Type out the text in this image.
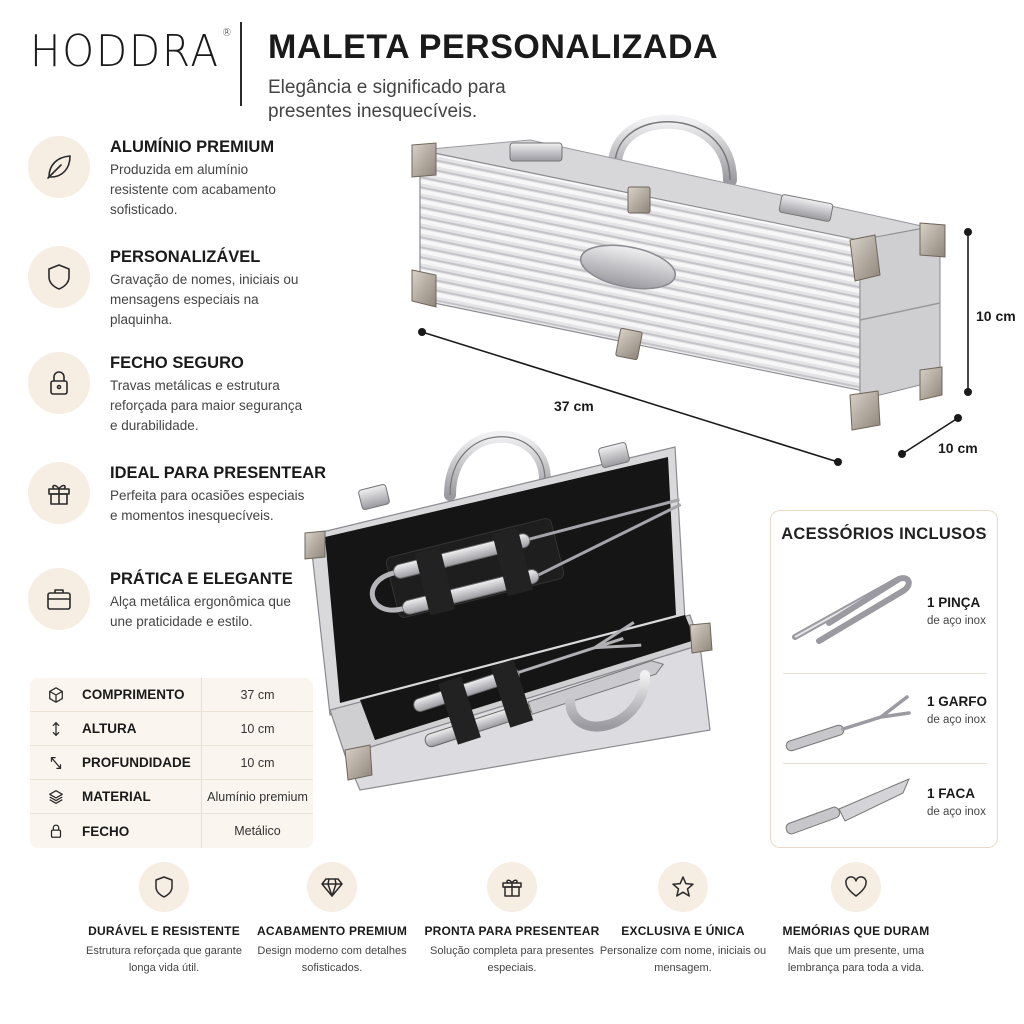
HODDRA ® MALETA PERSONALIZADA
Elegância e significado para presentes inesquecíveis.
ALUMÍNIO PREMIUM
Produzida em alumínio resistente com acabamento sofisticado.
PERSONALIZÁVEL
Gravação de nomes, iniciais ou mensagens especiais na plaquinha.
FECHO SEGURO
Travas metálicas e estrutura reforçada para maior segurança e durabilidade.
IDEAL PARA PRESENTEAR
Perfeita para ocasiões especiais e momentos inesquecíveis.
PRÁTICA E ELEGANTE
Alça metálica ergonômica que une praticidade e estilo.
37 cm
10 cm
10 cm
COMPRIMENTO	37 cm
ALTURA	10 cm
PROFUNDIDADE	10 cm
MATERIAL	Alumínio premium
FECHO	Metálico
ACESSÓRIOS INCLUSOS
1 PINÇA
de aço inox
1 GARFO
de aço inox
1 FACA
de aço inox
DURÁVEL E RESISTENTE
Estrutura reforçada que garante longa vida útil.
ACABAMENTO PREMIUM
Design moderno com detalhes sofisticados.
PRONTA PARA PRESENTEAR
Solução completa para presentes especiais.
EXCLUSIVA E ÚNICA
Personalize com nome, iniciais ou mensagem.
MEMÓRIAS QUE DURAM
Mais que um presente, uma lembrança para toda a vida.
